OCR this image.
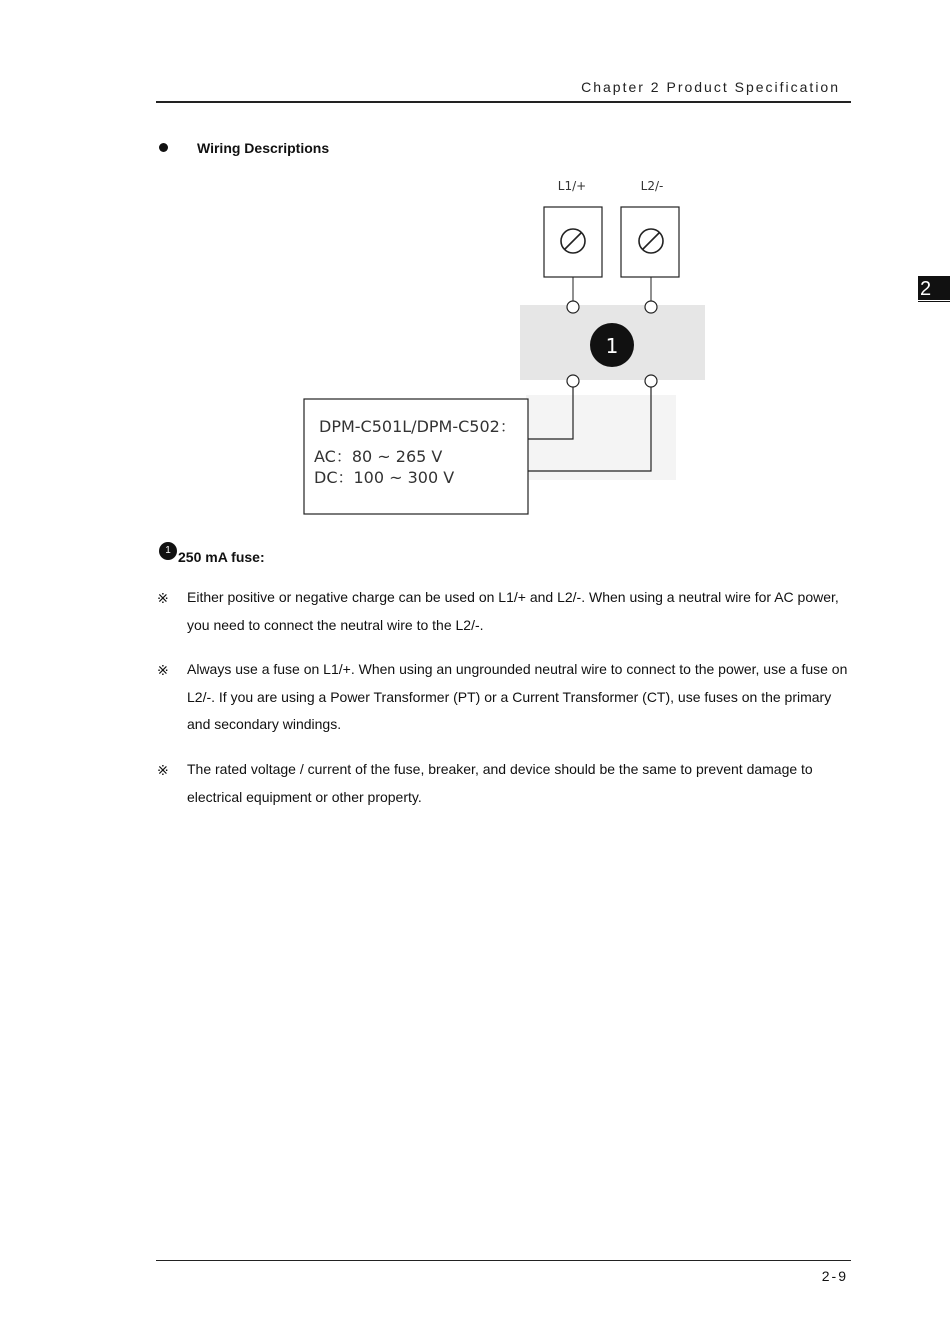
Chapter 2 Product Specification
2
Wiring Descriptions
L1/+	L2/-
1
DPM-C501L/DPM-C502：
AC：80 ~ 265 V
DC：100 ~ 300 V
1 250 mA fuse:
※ Either positive or negative charge can be used on L1/+ and L2/-. When using a neutral wire for AC power, you need to connect the neutral wire to the L2/-.
※ Always use a fuse on L1/+. When using an ungrounded neutral wire to connect to the power, use a fuse on L2/-. If you are using a Power Transformer (PT) or a Current Transformer (CT), use fuses on the primary and secondary windings.
※ The rated voltage / current of the fuse, breaker, and device should be the same to prevent damage to electrical equipment or other property.
2-9
